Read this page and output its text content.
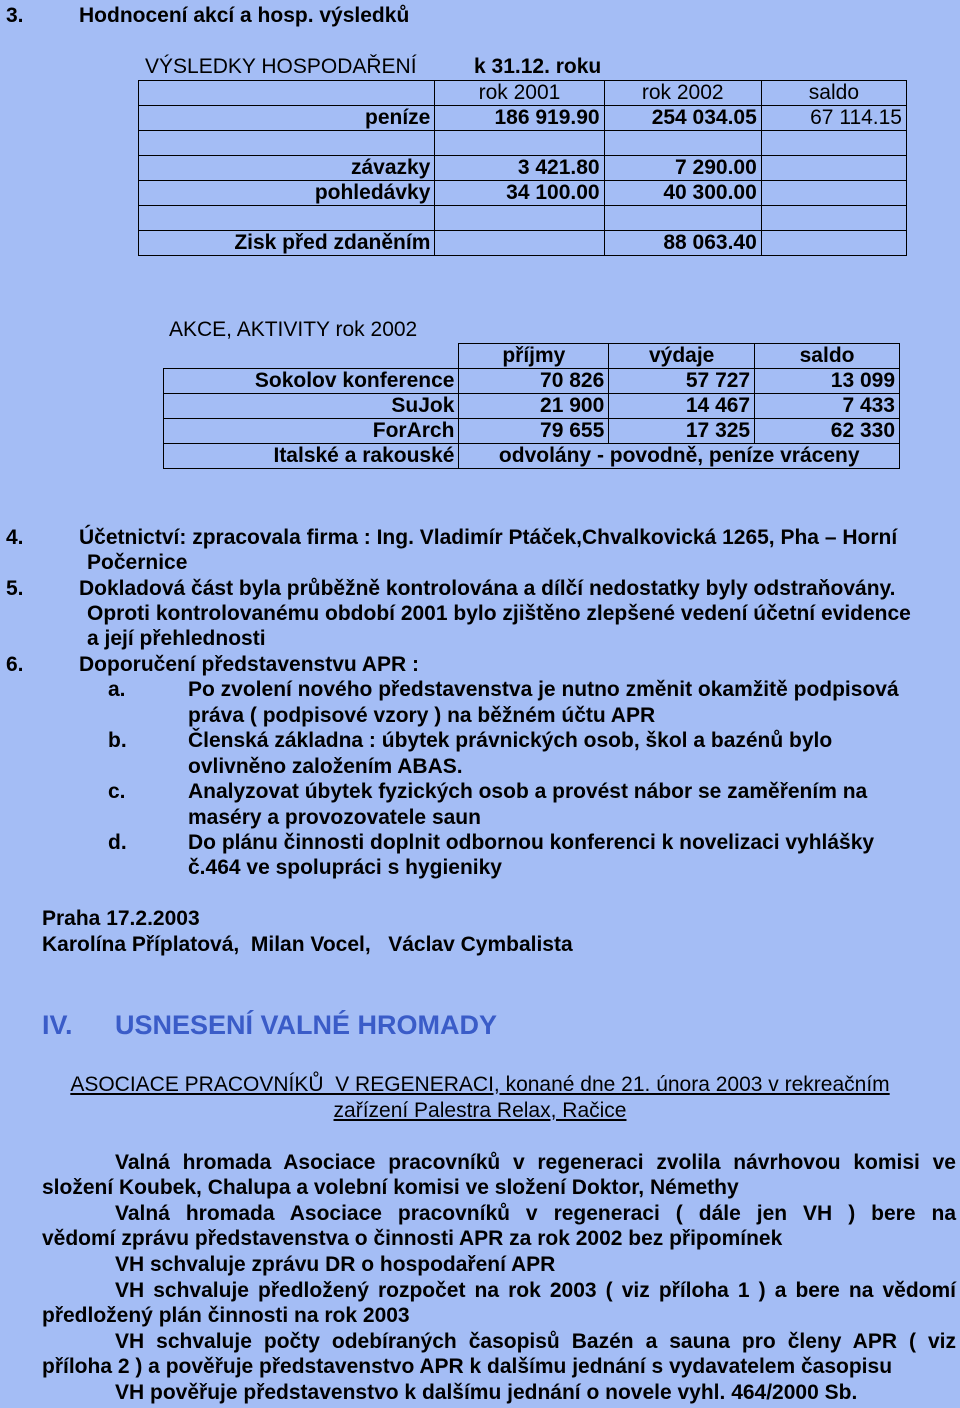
3.	Hodnocení akcí a hosp. výsledků
VÝSLEDKY HOSPODAŘENÍ	k 31.12. roku
	rok 2001	rok 2002	saldo
peníze	186 919.90	254 034.05	67 114.15

závazky	3 421.80	7 290.00	
pohledávky	34 100.00	40 300.00	

Zisk před zdaněním		88 063.40	
AKCE, AKTIVITY rok 2002
	příjmy	výdaje	saldo
Sokolov konference	70 826	57 727	13 099
SuJok	21 900	14 467	7 433
ForArch	79 655	17 325	62 330
Italské a rakouské	odvolány - povodně, peníze vráceny		
4.	Účetnictví: zpracovala firma : Ing. Vladimír Ptáček,Chvalkovická 1265, Pha – Horní
Počernice
5.	Dokladová část byla průběžně kontrolována a dílčí nedostatky byly odstraňovány.
Oproti kontrolovanému období 2001 bylo zjištěno zlepšené vedení účetní evidence
a její přehlednosti
6.	Doporučení představenstvu APR :
a.	Po zvolení nového představenstva je nutno změnit okamžitě podpisová
práva ( podpisové vzory ) na běžném účtu APR
b.	Členská základna : úbytek právnických osob, škol a bazénů bylo
ovlivněno založením ABAS.
c.	Analyzovat úbytek fyzických osob a provést nábor se zaměřením na
maséry a provozovatele saun
d.	Do plánu činnosti doplnit odbornou konferenci k novelizaci vyhlášky
č.464 ve spolupráci s hygieniky
Praha 17.2.2003
Karolína Příplatová,  Milan Vocel,   Václav Cymbalista
IV. USNESENÍ VALNÉ HROMADY
ASOCIACE PRACOVNÍKŮ  V REGENERACI, konané dne 21. února 2003 v rekreačním
zařízení Palestra Relax, Račice
Valná hromada Asociace pracovníků v regeneraci zvolila návrhovou komisi ve
složení Koubek, Chalupa a volební komisi ve složení Doktor, Némethy
Valná hromada Asociace pracovníků v regeneraci ( dále jen VH ) bere na
vědomí zprávu představenstva o činnosti APR za rok 2002 bez připomínek
VH schvaluje zprávu DR o hospodaření APR
VH schvaluje předložený rozpočet na rok 2003 ( viz příloha 1 ) a bere na vědomí
předložený plán činnosti na rok 2003
VH schvaluje počty odebíraných časopisů Bazén a sauna pro členy APR ( viz
příloha 2 ) a pověřuje představenstvo APR k dalšímu jednání s vydavatelem časopisu
VH pověřuje představenstvo k dalšímu jednání o novele vyhl. 464/2000 Sb.
